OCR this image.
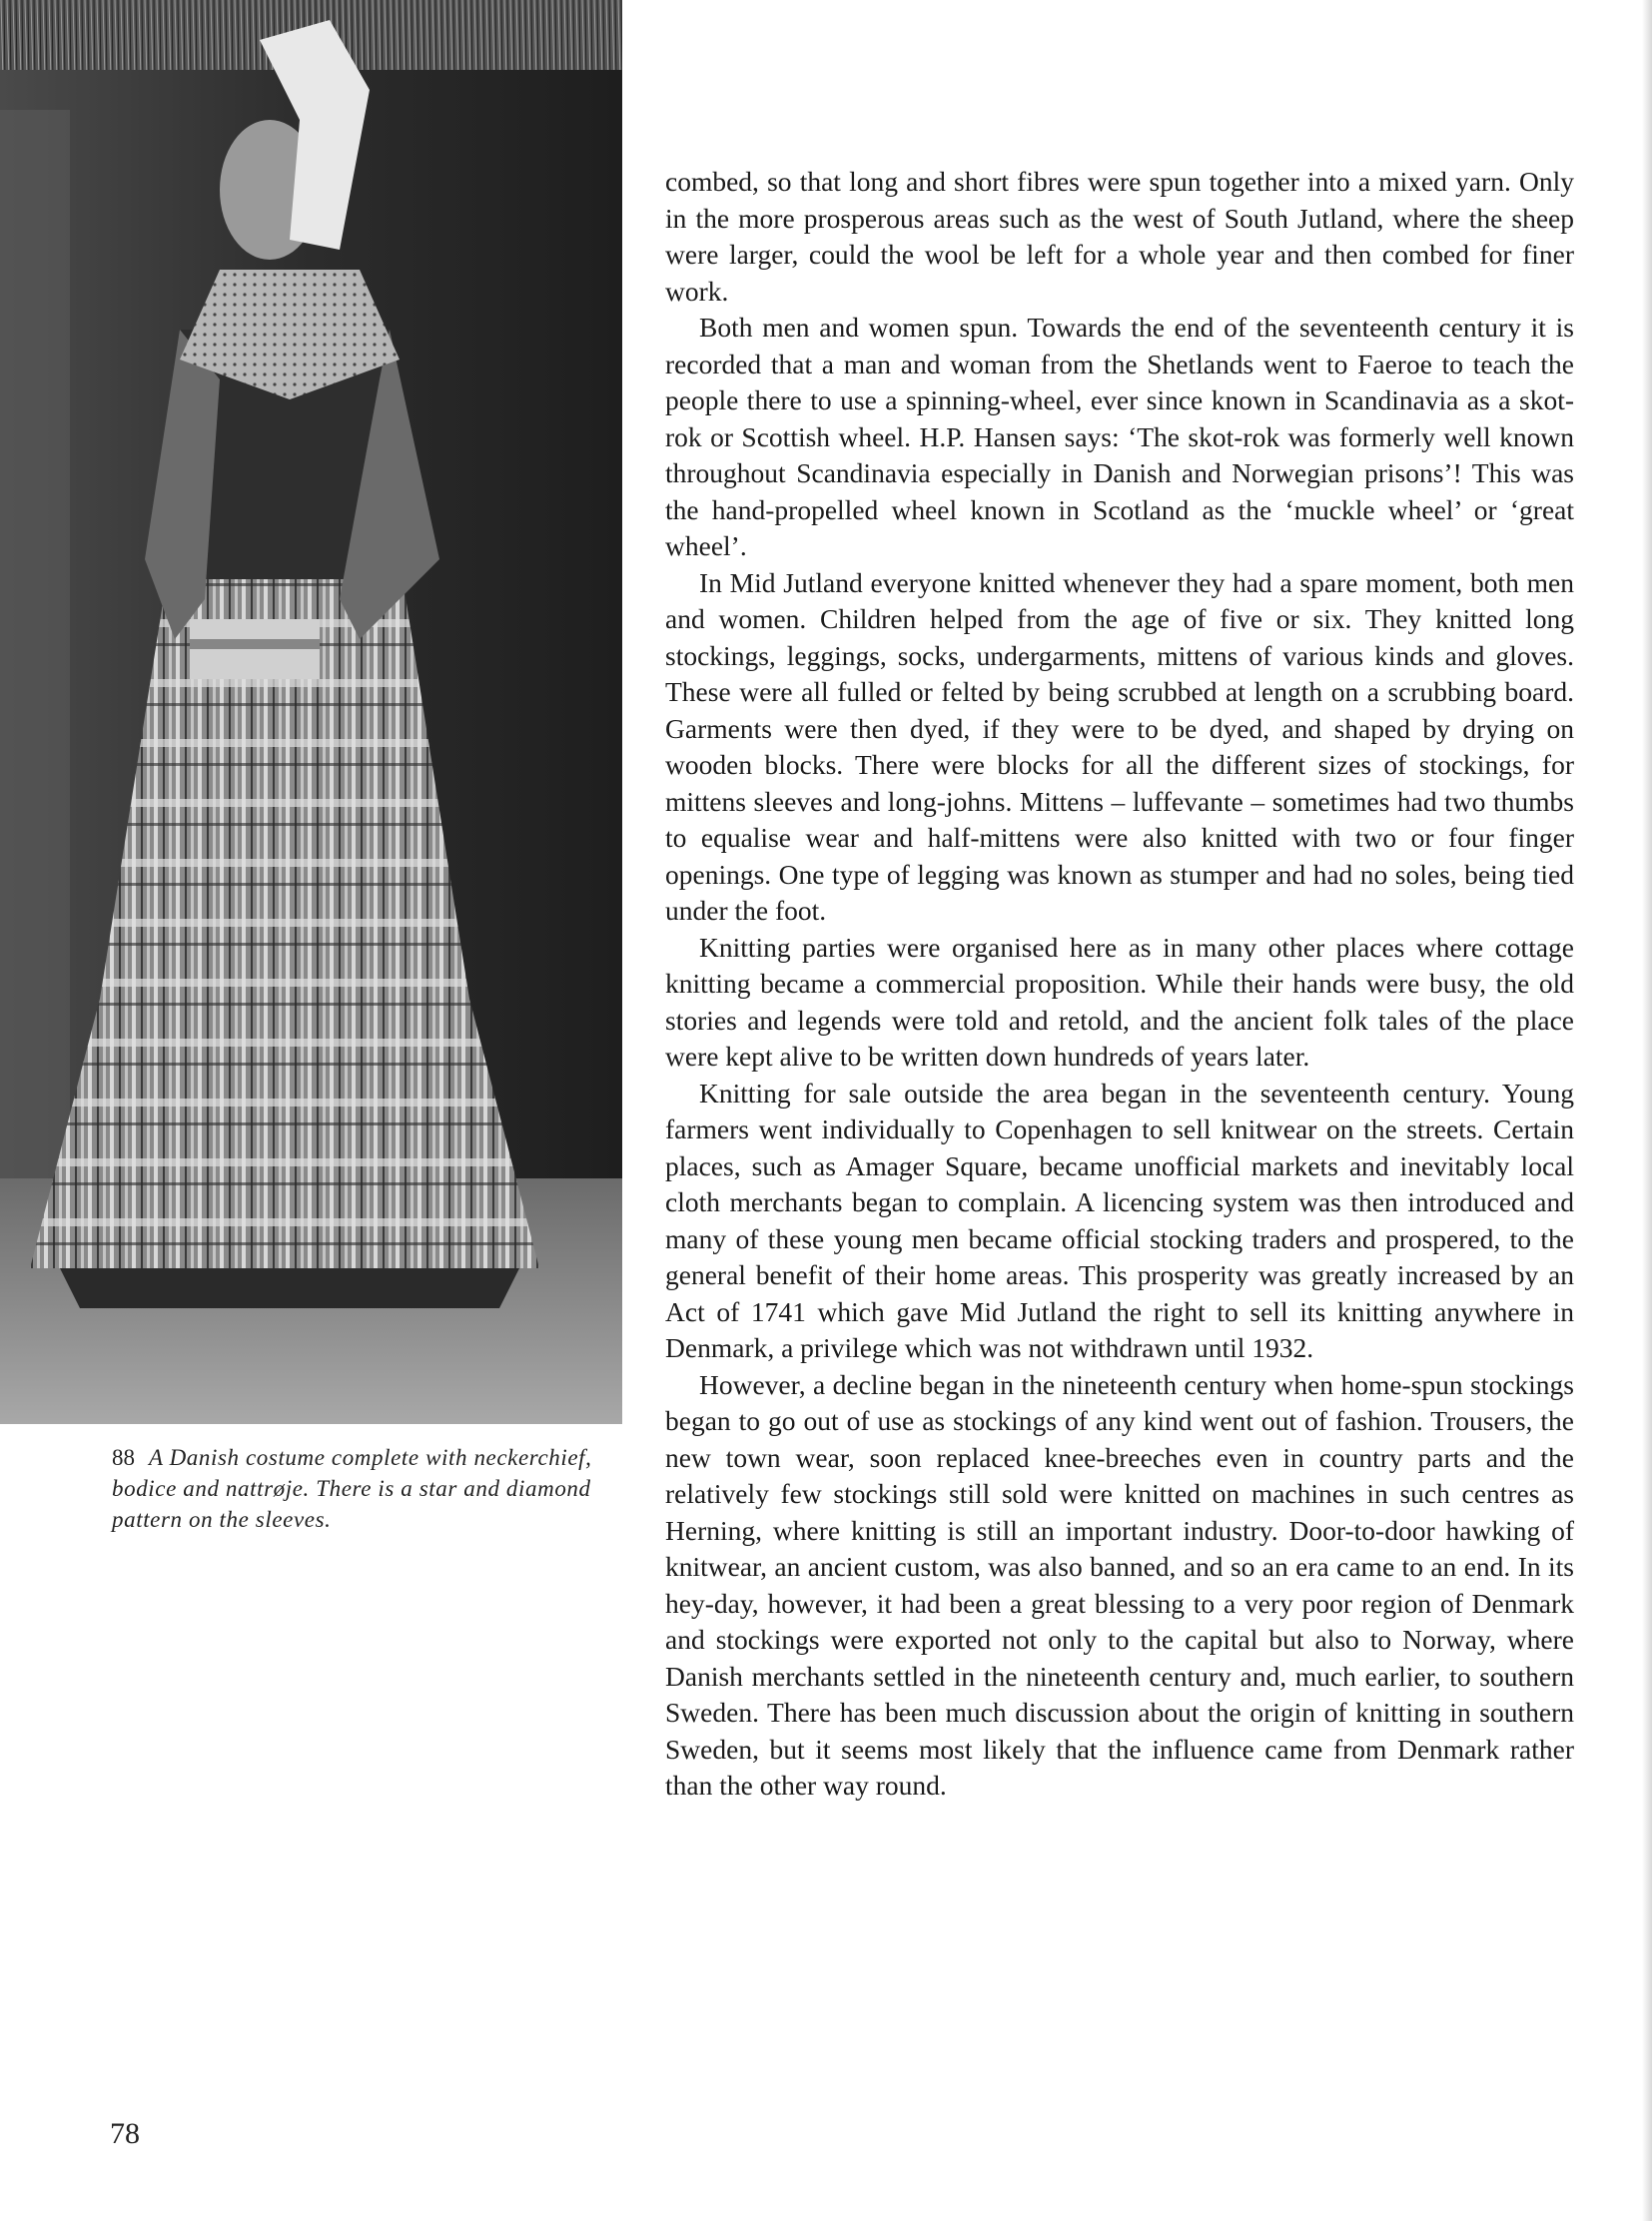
88 A Danish costume complete with neckerchief, bodice and nattrøje. There is a star and diamond pattern on the sleeves.

combed, so that long and short fibres were spun together into a mixed yarn. Only in the more prosperous areas such as the west of South Jutland, where the sheep were larger, could the wool be left for a whole year and then combed for finer work.

Both men and women spun. Towards the end of the seventeenth century it is recorded that a man and woman from the Shetlands went to Faeroe to teach the people there to use a spinning-wheel, ever since known in Scandinavia as a skot-rok or Scottish wheel. H.P. Hansen says: ‘The skot-rok was formerly well known throughout Scandinavia especially in Danish and Norwegian prisons’! This was the hand-propelled wheel known in Scotland as the ‘muckle wheel’ or ‘great wheel’.

In Mid Jutland everyone knitted whenever they had a spare moment, both men and women. Children helped from the age of five or six. They knitted long stockings, leggings, socks, undergarments, mittens of various kinds and gloves. These were all fulled or felted by being scrubbed at length on a scrubbing board. Garments were then dyed, if they were to be dyed, and shaped by drying on wooden blocks. There were blocks for all the different sizes of stockings, for mittens sleeves and long-johns. Mittens – luffevante – sometimes had two thumbs to equalise wear and half-mittens were also knitted with two or four finger openings. One type of legging was known as stumper and had no soles, being tied under the foot.

Knitting parties were organised here as in many other places where cottage knitting became a commercial proposition. While their hands were busy, the old stories and legends were told and retold, and the ancient folk tales of the place were kept alive to be written down hundreds of years later.

Knitting for sale outside the area began in the seventeenth century. Young farmers went individually to Copenhagen to sell knitwear on the streets. Certain places, such as Amager Square, became unofficial markets and inevitably local cloth merchants began to complain. A licencing system was then introduced and many of these young men became official stocking traders and prospered, to the general benefit of their home areas. This prosperity was greatly increased by an Act of 1741 which gave Mid Jutland the right to sell its knitting anywhere in Denmark, a privilege which was not withdrawn until 1932.

However, a decline began in the nineteenth century when home-spun stockings began to go out of use as stockings of any kind went out of fashion. Trousers, the new town wear, soon replaced knee-breeches even in country parts and the relatively few stockings still sold were knitted on machines in such centres as Herning, where knitting is still an important industry. Door-to-door hawking of knitwear, an ancient custom, was also banned, and so an era came to an end. In its hey-day, however, it had been a great blessing to a very poor region of Denmark and stockings were exported not only to the capital but also to Norway, where Danish merchants settled in the nineteenth century and, much earlier, to southern Sweden. There has been much discussion about the origin of knitting in southern Sweden, but it seems most likely that the influence came from Denmark rather than the other way round.

78
